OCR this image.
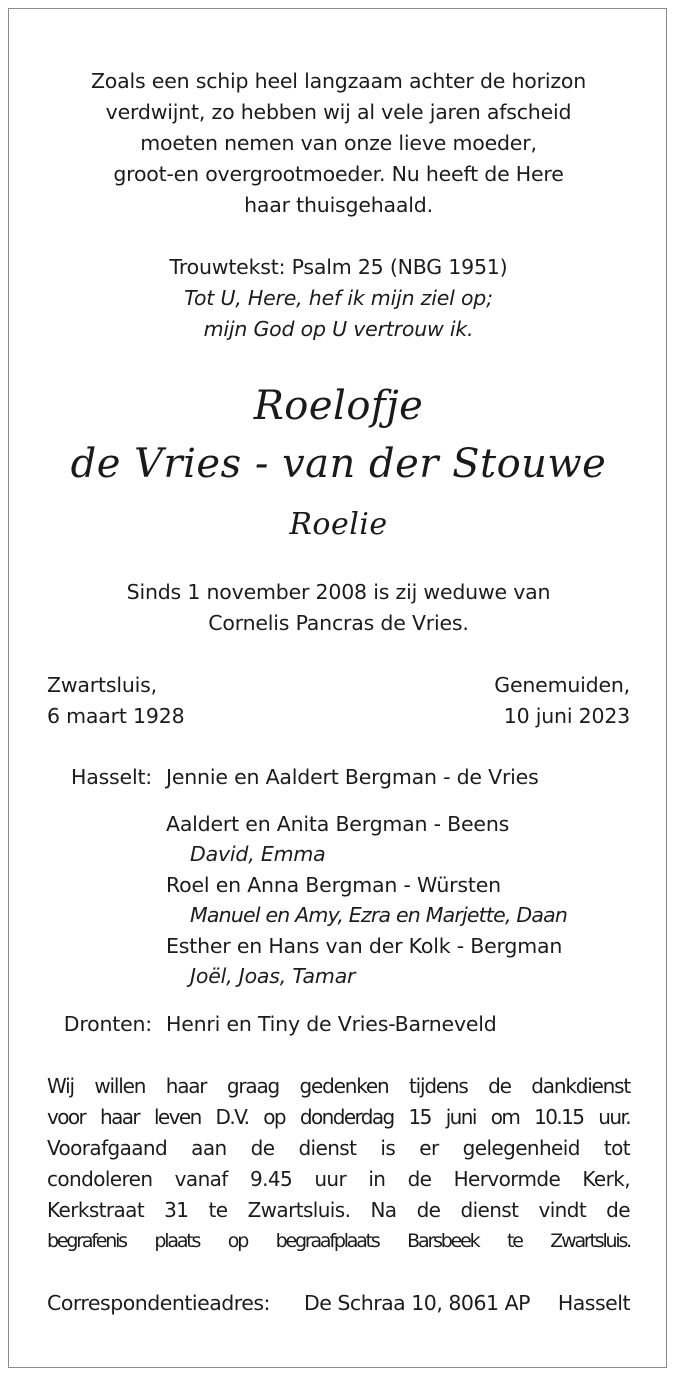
Zoals een schip heel langzaam achter de horizon
verdwijnt, zo hebben wij al vele jaren afscheid
moeten nemen van onze lieve moeder,
groot-en overgrootmoeder. Nu heeft de Here
haar thuisgehaald.
Trouwtekst: Psalm 25 (NBG 1951)
Tot U, Here, hef ik mijn ziel op;
mijn God op U vertrouw ik.
Roelofje
de Vries - van der Stouwe
Roelie
Sinds 1 november 2008 is zij weduwe van
Cornelis Pancras de Vries.
Zwartsluis,
6 maart 1928
Genemuiden,
10 juni 2023
Hasselt: Jennie en Aaldert Bergman - de Vries
Aaldert en Anita Bergman - Beens
David, Emma
Roel en Anna Bergman - Würsten
Manuel en Amy, Ezra en Marjette, Daan
Esther en Hans van der Kolk - Bergman
Joël, Joas, Tamar
Dronten: Henri en Tiny de Vries-Barneveld
Wij willen haar graag gedenken tijdens de dankdienst
voor haar leven D.V. op donderdag 15 juni om 10.15 uur.
Voorafgaand aan de dienst is er gelegenheid tot
condoleren vanaf 9.45 uur in de Hervormde Kerk,
Kerkstraat 31 te Zwartsluis. Na de dienst vindt de
begrafenis plaats op begraafplaats Barsbeek te Zwartsluis.
Correspondentieadres: De Schraa 10, 8061 AP	Hasselt
